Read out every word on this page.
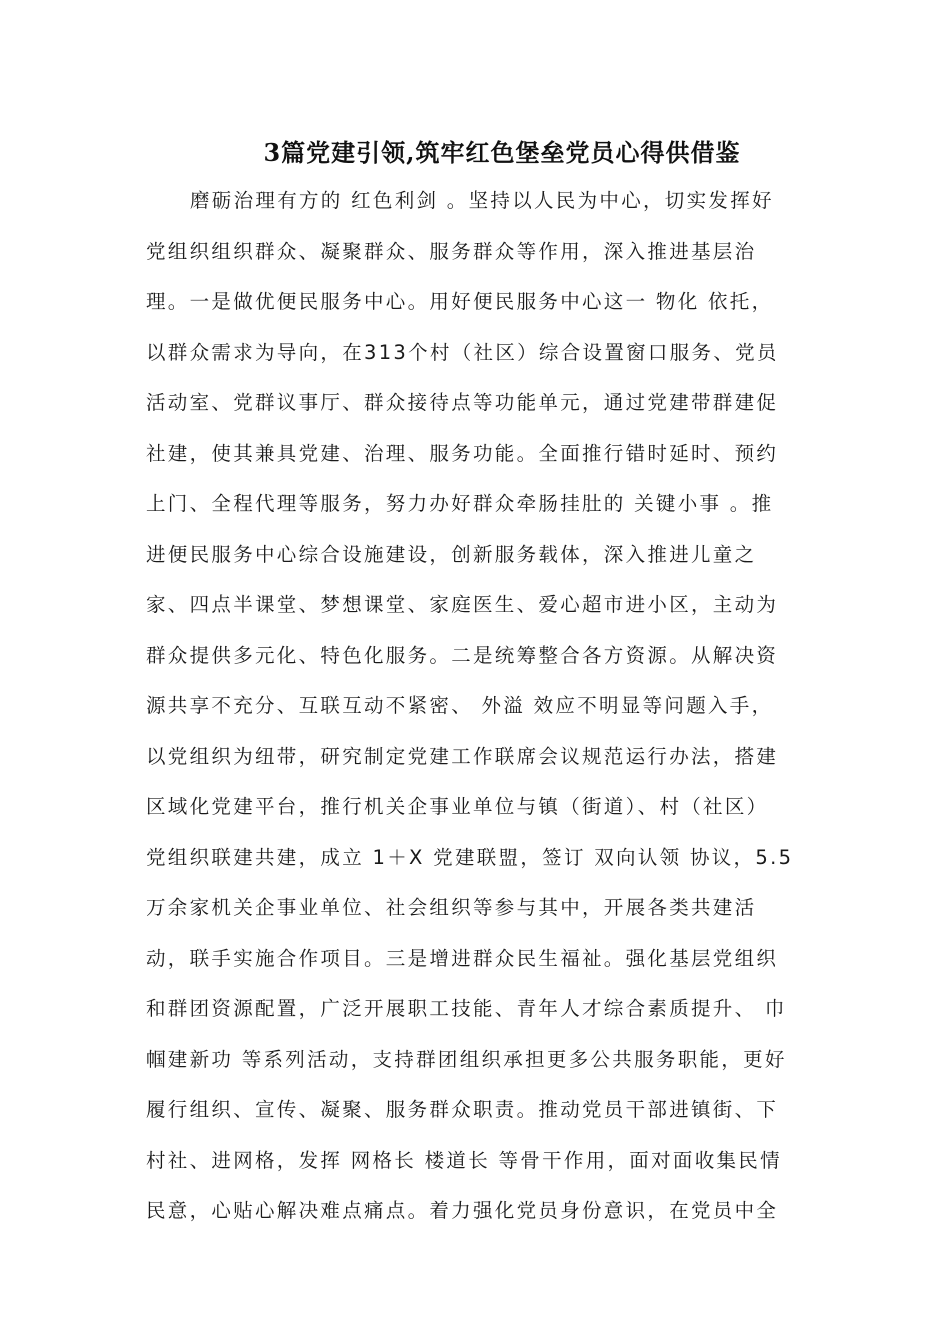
3篇党建引领,筑牢红色堡垒党员心得供借鉴
磨砺治理有方的 红色利剑 。坚持以人民为中心，切实发挥好
党组织组织群众、凝聚群众、服务群众等作用，深入推进基层治
理。一是做优便民服务中心。用好便民服务中心这一 物化 依托，
以群众需求为导向，在313个村（社区）综合设置窗口服务、党员
活动室、党群议事厅、群众接待点等功能单元，通过党建带群建促
社建，使其兼具党建、治理、服务功能。全面推行错时延时、预约
上门、全程代理等服务，努力办好群众牵肠挂肚的 关键小事 。推
进便民服务中心综合设施建设，创新服务载体，深入推进儿童之
家、四点半课堂、梦想课堂、家庭医生、爱心超市进小区，主动为
群众提供多元化、特色化服务。二是统筹整合各方资源。从解决资
源共享不充分、互联互动不紧密、 外溢 效应不明显等问题入手，
以党组织为纽带，研究制定党建工作联席会议规范运行办法，搭建
区域化党建平台，推行机关企事业单位与镇（街道）、村（社区）
党组织联建共建，成立 1＋X 党建联盟，签订 双向认领 协议，5.5
万余家机关企事业单位、社会组织等参与其中，开展各类共建活
动，联手实施合作项目。三是增进群众民生福祉。强化基层党组织
和群团资源配置，广泛开展职工技能、青年人才综合素质提升、 巾
帼建新功 等系列活动，支持群团组织承担更多公共服务职能，更好
履行组织、宣传、凝聚、服务群众职责。推动党员干部进镇街、下
村社、进网格，发挥 网格长 楼道长 等骨干作用，面对面收集民情
民意，心贴心解决难点痛点。着力强化党员身份意识，在党员中全
